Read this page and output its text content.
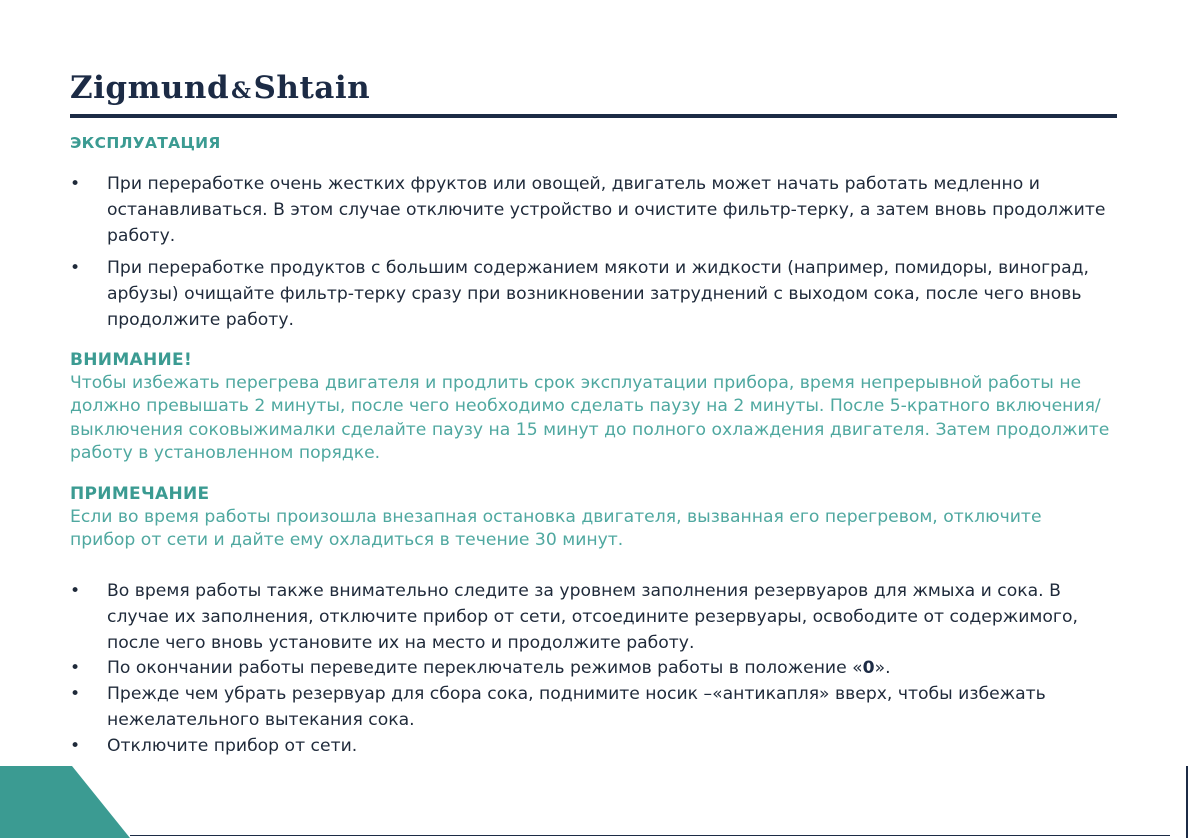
Zigmund&Shtain
ЭКСПЛУАТАЦИЯ
• При переработке очень жестких фруктов или овощей, двигатель может начать работать медленно и останавливаться. В этом случае отключите устройство и очистите фильтр-терку, а затем вновь продолжите работу.
• При переработке продуктов с большим содержанием мякоти и жидкости (например, помидоры, виноград, арбузы) очищайте фильтр-терку сразу при возникновении затруднений с выходом сока, после чего вновь продолжите работу.
ВНИМАНИЕ!
Чтобы избежать перегрева двигателя и продлить срок эксплуатации прибора, время непрерывной работы не должно превышать 2 минуты, после чего необходимо сделать паузу на 2 минуты. После 5-кратного включения/выключения соковыжималки сделайте паузу на 15 минут до полного охлаждения двигателя. Затем продолжите работу в установленном порядке.
ПРИМЕЧАНИЕ
Если во время работы произошла внезапная остановка двигателя, вызванная его перегревом, отключите прибор от сети и дайте ему охладиться в течение 30 минут.
• Во время работы также внимательно следите за уровнем заполнения резервуаров для жмыха и сока. В случае их заполнения, отключите прибор от сети, отсоедините резервуары, освободите от содержимого, после чего вновь установите их на место и продолжите работу.
• По окончании работы переведите переключатель режимов работы в положение «0».
• Прежде чем убрать резервуар для сбора сока, поднимите носик –«антикапля» вверх, чтобы избежать нежелательного вытекания сока.
• Отключите прибор от сети.
